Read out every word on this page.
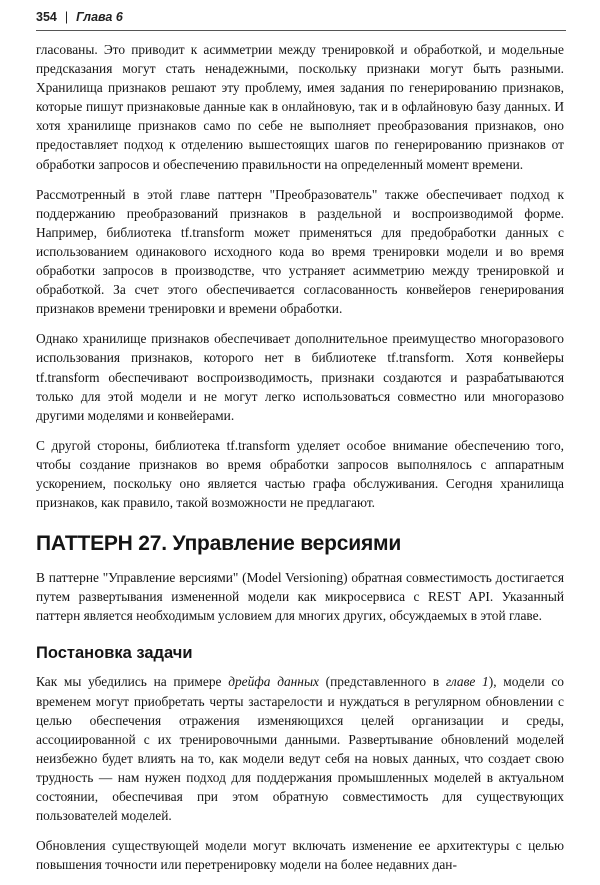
354 | Глава 6

гласованы. Это приводит к асимметрии между тренировкой и обработкой, и модельные предсказания могут стать ненадежными, поскольку признаки могут быть разными. Хранилища признаков решают эту проблему, имея задания по генерированию признаков, которые пишут признаковые данные как в онлайновую, так и в офлайновую базу данных. И хотя хранилище признаков само по себе не выполняет преобразования признаков, оно предоставляет подход к отделению вышестоящих шагов по генерированию признаков от обработки запросов и обеспечению правильности на определенный момент времени.

Рассмотренный в этой главе паттерн "Преобразователь" также обеспечивает подход к поддержанию преобразований признаков в раздельной и воспроизводимой форме. Например, библиотека tf.transform может применяться для предобработки данных с использованием одинакового исходного кода во время тренировки модели и во время обработки запросов в производстве, что устраняет асимметрию между тренировкой и обработкой. За счет этого обеспечивается согласованность конвейеров генерирования признаков времени тренировки и времени обработки.

Однако хранилище признаков обеспечивает дополнительное преимущество многоразового использования признаков, которого нет в библиотеке tf.transform. Хотя конвейеры tf.transform обеспечивают воспроизводимость, признаки создаются и разрабатываются только для этой модели и не могут легко использоваться совместно или многоразово другими моделями и конвейерами.

С другой стороны, библиотека tf.transform уделяет особое внимание обеспечению того, чтобы создание признаков во время обработки запросов выполнялось с аппаратным ускорением, поскольку оно является частью графа обслуживания. Сегодня хранилища признаков, как правило, такой возможности не предлагают.

ПАТТЕРН 27. Управление версиями

В паттерне "Управление версиями" (Model Versioning) обратная совместимость достигается путем развертывания измененной модели как микросервиса с REST API. Указанный паттерн является необходимым условием для многих других, обсуждаемых в этой главе.

Постановка задачи

Как мы убедились на примере дрейфа данных (представленного в главе 1), модели со временем могут приобретать черты застарелости и нуждаться в регулярном обновлении с целью обеспечения отражения изменяющихся целей организации и среды, ассоциированной с их тренировочными данными. Развертывание обновлений моделей неизбежно будет влиять на то, как модели ведут себя на новых данных, что создает свою трудность — нам нужен подход для поддержания промышленных моделей в актуальном состоянии, обеспечивая при этом обратную совместимость для существующих пользователей моделей.

Обновления существующей модели могут включать изменение ее архитектуры с целью повышения точности или перетренировку модели на более недавних дан-
